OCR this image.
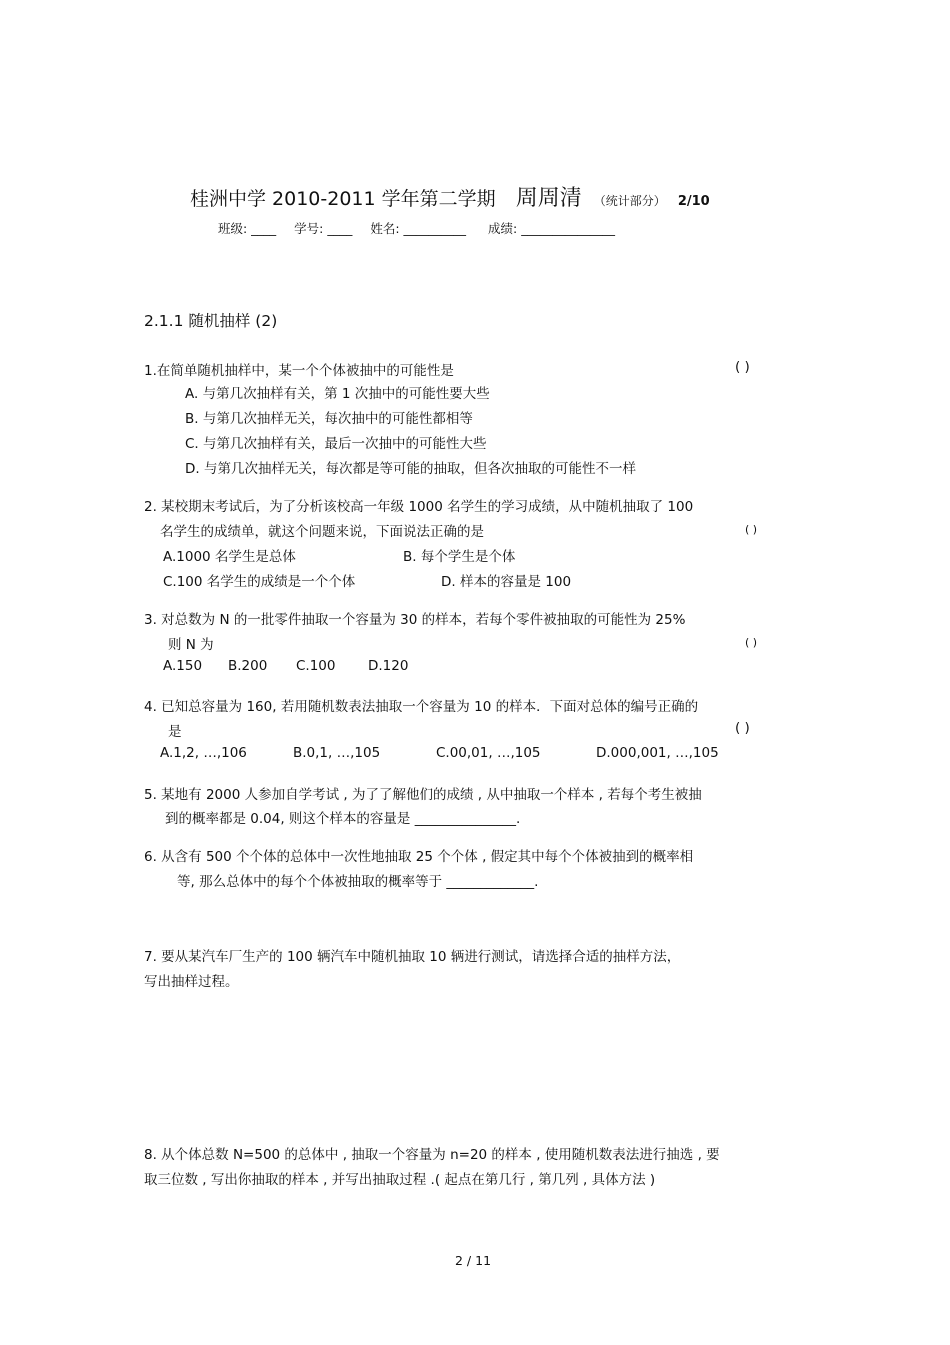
桂洲中学 2010-2011 学年第二学期 周周清 （统计部分） 2/10
班级: ____ 学号: ____ 姓名: __________ 成绩: _______________
2.1.1 随机抽样 (2)
1.在简单随机抽样中，某一个个体被抽中的可能性是	( )
A. 与第几次抽样有关，第 1 次抽中的可能性要大些
B. 与第几次抽样无关，每次抽中的可能性都相等
C. 与第几次抽样有关，最后一次抽中的可能性大些
D. 与第几次抽样无关，每次都是等可能的抽取，但各次抽取的可能性不一样
2. 某校期末考试后，为了分析该校高一年级 1000 名学生的学习成绩，从中随机抽取了 100
名学生的成绩单，就这个问题来说，下面说法正确的是	( )
A.1000 名学生是总体	B. 每个学生是个体
C.100 名学生的成绩是一个个体	D. 样本的容量是 100
3. 对总数为 N 的一批零件抽取一个容量为 30 的样本，若每个零件被抽取的可能性为 25%
则 N 为	( )
A.150 B.200 C.100 D.120
4. 已知总容量为 160, 若用随机数表法抽取一个容量为 10 的样本．下面对总体的编号正确的
是	( )
A.1,2, …,106	B.0,1, …,105	C.00,01, …,105	D.000,001, …,105
5. 某地有 2000 人参加自学考试 , 为了了解他们的成绩 , 从中抽取一个样本 , 若每个考生被抽
到的概率都是 0.04, 则这个样本的容量是 _______________.
6. 从含有 500 个个体的总体中一次性地抽取 25 个个体 , 假定其中每个个体被抽到的概率相
等, 那么总体中的每个个体被抽取的概率等于 _____________.
7. 要从某汽车厂生产的 100 辆汽车中随机抽取 10 辆进行测试，请选择合适的抽样方法，
写出抽样过程。
8. 从个体总数 N=500 的总体中 , 抽取一个容量为 n=20 的样本 , 使用随机数表法进行抽选 , 要
取三位数 , 写出你抽取的样本 , 并写出抽取过程 .( 起点在第几行 , 第几列 , 具体方法 )
2 / 11
